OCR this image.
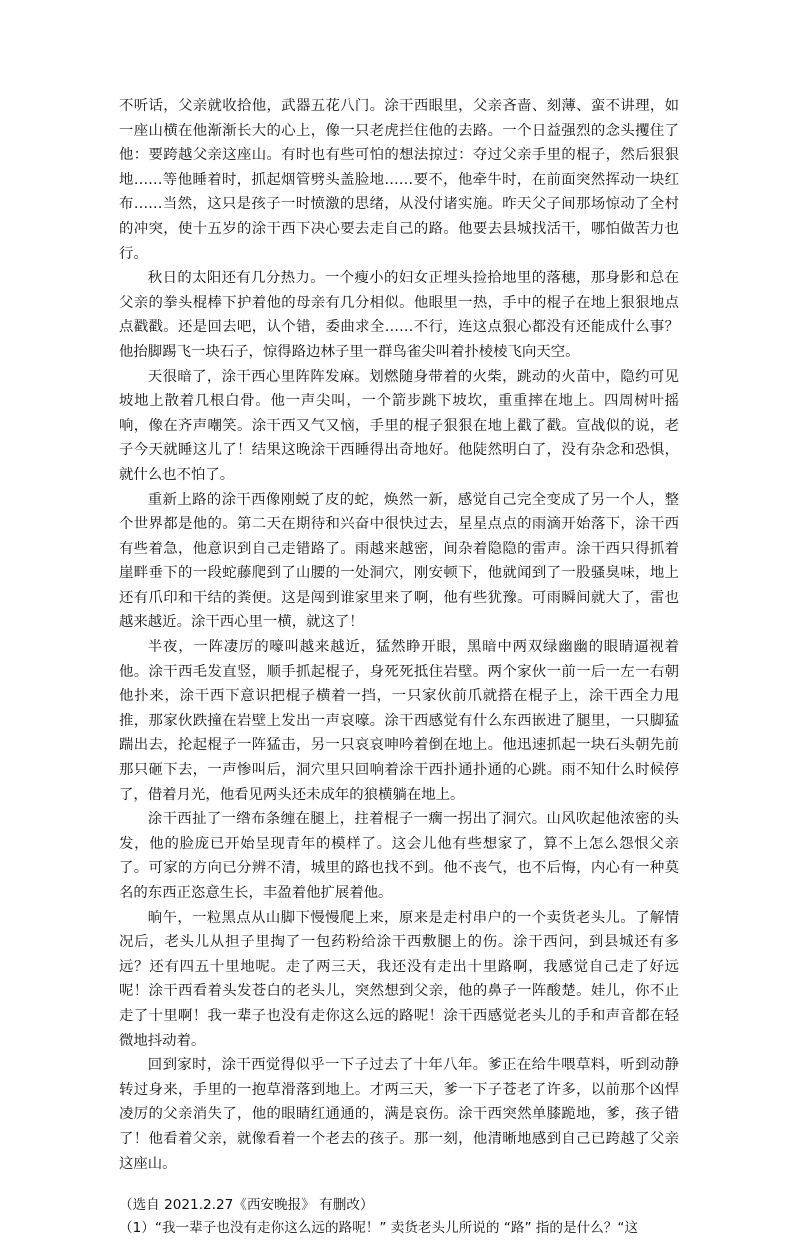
不听话，父亲就收拾他，武器五花八门。涂干西眼里，父亲吝啬、刻薄、蛮不讲理，如一座山横在他渐渐长大的心上，像一只老虎拦住他的去路。一个日益强烈的念头攫住了他：要跨越父亲这座山。有时也有些可怕的想法掠过：夺过父亲手里的棍子，然后狠狠地……等他睡着时，抓起烟管劈头盖脸地……要不，他牵牛时，在前面突然挥动一块红布……当然，这只是孩子一时愤激的思绪，从没付诸实施。昨天父子间那场惊动了全村的冲突，使十五岁的涂干西下决心要去走自己的路。他要去县城找活干，哪怕做苦力也行。

秋日的太阳还有几分热力。一个瘦小的妇女正埋头捡拾地里的落穗，那身影和总在父亲的拳头棍棒下护着他的母亲有几分相似。他眼里一热，手中的棍子在地上狠狠地点点戳戳。还是回去吧，认个错，委曲求全……不行，连这点狠心都没有还能成什么事？他抬脚踢飞一块石子，惊得路边林子里一群鸟雀尖叫着扑棱棱飞向天空。

天很暗了，涂干西心里阵阵发麻。划燃随身带着的火柴，跳动的火苗中，隐约可见坡地上散着几根白骨。他一声尖叫，一个箭步跳下坡坎，重重摔在地上。四周树叶摇响，像在齐声嘲笑。涂干西又气又恼，手里的棍子狠狠在地上戳了戳。宣战似的说，老子今天就睡这儿了！结果这晚涂干西睡得出奇地好。他陡然明白了，没有杂念和恐惧，就什么也不怕了。

重新上路的涂干西像刚蜕了皮的蛇，焕然一新，感觉自己完全变成了另一个人，整个世界都是他的。第二天在期待和兴奋中很快过去，星星点点的雨滴开始落下，涂干西有些着急，他意识到自己走错路了。雨越来越密，间杂着隐隐的雷声。涂干西只得抓着崖畔垂下的一段蛇藤爬到了山腰的一处洞穴，刚安顿下，他就闻到了一股骚臭味，地上还有爪印和干结的粪便。这是闯到谁家里来了啊，他有些犹豫。可雨瞬间就大了，雷也越来越近。涂干西心里一横，就这了！

半夜，一阵凄厉的嚎叫越来越近，猛然睁开眼，黑暗中两双绿幽幽的眼睛逼视着他。涂干西毛发直竖，顺手抓起棍子，身死死抵住岩壁。两个家伙一前一后一左一右朝他扑来，涂干西下意识把棍子横着一挡，一只家伙前爪就搭在棍子上，涂干西全力甩推，那家伙跌撞在岩壁上发出一声哀嚎。涂干西感觉有什么东西嵌进了腿里，一只脚猛踹出去，抡起棍子一阵猛击，另一只哀哀呻吟着倒在地上。他迅速抓起一块石头朝先前那只砸下去，一声惨叫后，洞穴里只回响着涂干西扑通扑通的心跳。雨不知什么时候停了，借着月光，他看见两头还未成年的狼横躺在地上。

涂干西扯了一绺布条缠在腿上，拄着棍子一瘸一拐出了洞穴。山风吹起他浓密的头发，他的脸庞已开始呈现青年的模样了。这会儿他有些想家了，算不上怎么怨恨父亲了。可家的方向已分辨不清，城里的路也找不到。他不丧气，也不后悔，内心有一种莫名的东西正恣意生长，丰盈着他扩展着他。

晌午，一粒黑点从山脚下慢慢爬上来，原来是走村串户的一个卖货老头儿。了解情况后，老头儿从担子里掏了一包药粉给涂干西敷腿上的伤。涂干西问，到县城还有多远？还有四五十里地呢。走了两三天，我还没有走出十里路啊，我感觉自己走了好远呢！涂干西看着头发苍白的老头儿，突然想到父亲，他的鼻子一阵酸楚。娃儿，你不止走了十里啊！我一辈子也没有走你这么远的路呢！涂干西感觉老头儿的手和声音都在轻微地抖动着。

回到家时，涂干西觉得似乎一下子过去了十年八年。爹正在给牛喂草料，听到动静转过身来，手里的一抱草滑落到地上。才两三天，爹一下子苍老了许多，以前那个凶悍凌厉的父亲消失了，他的眼睛红通通的，满是哀伤。涂干西突然单膝跪地，爹，孩子错了！他看着父亲，就像看着一个老去的孩子。那一刻，他清晰地感到自己已跨越了父亲这座山。

（选自 2021.2.27《西安晚报》 有删改）

（1）“我一辈子也没有走你这么远的路呢！” 卖货老头儿所说的 “路” 指的是什么？“这
